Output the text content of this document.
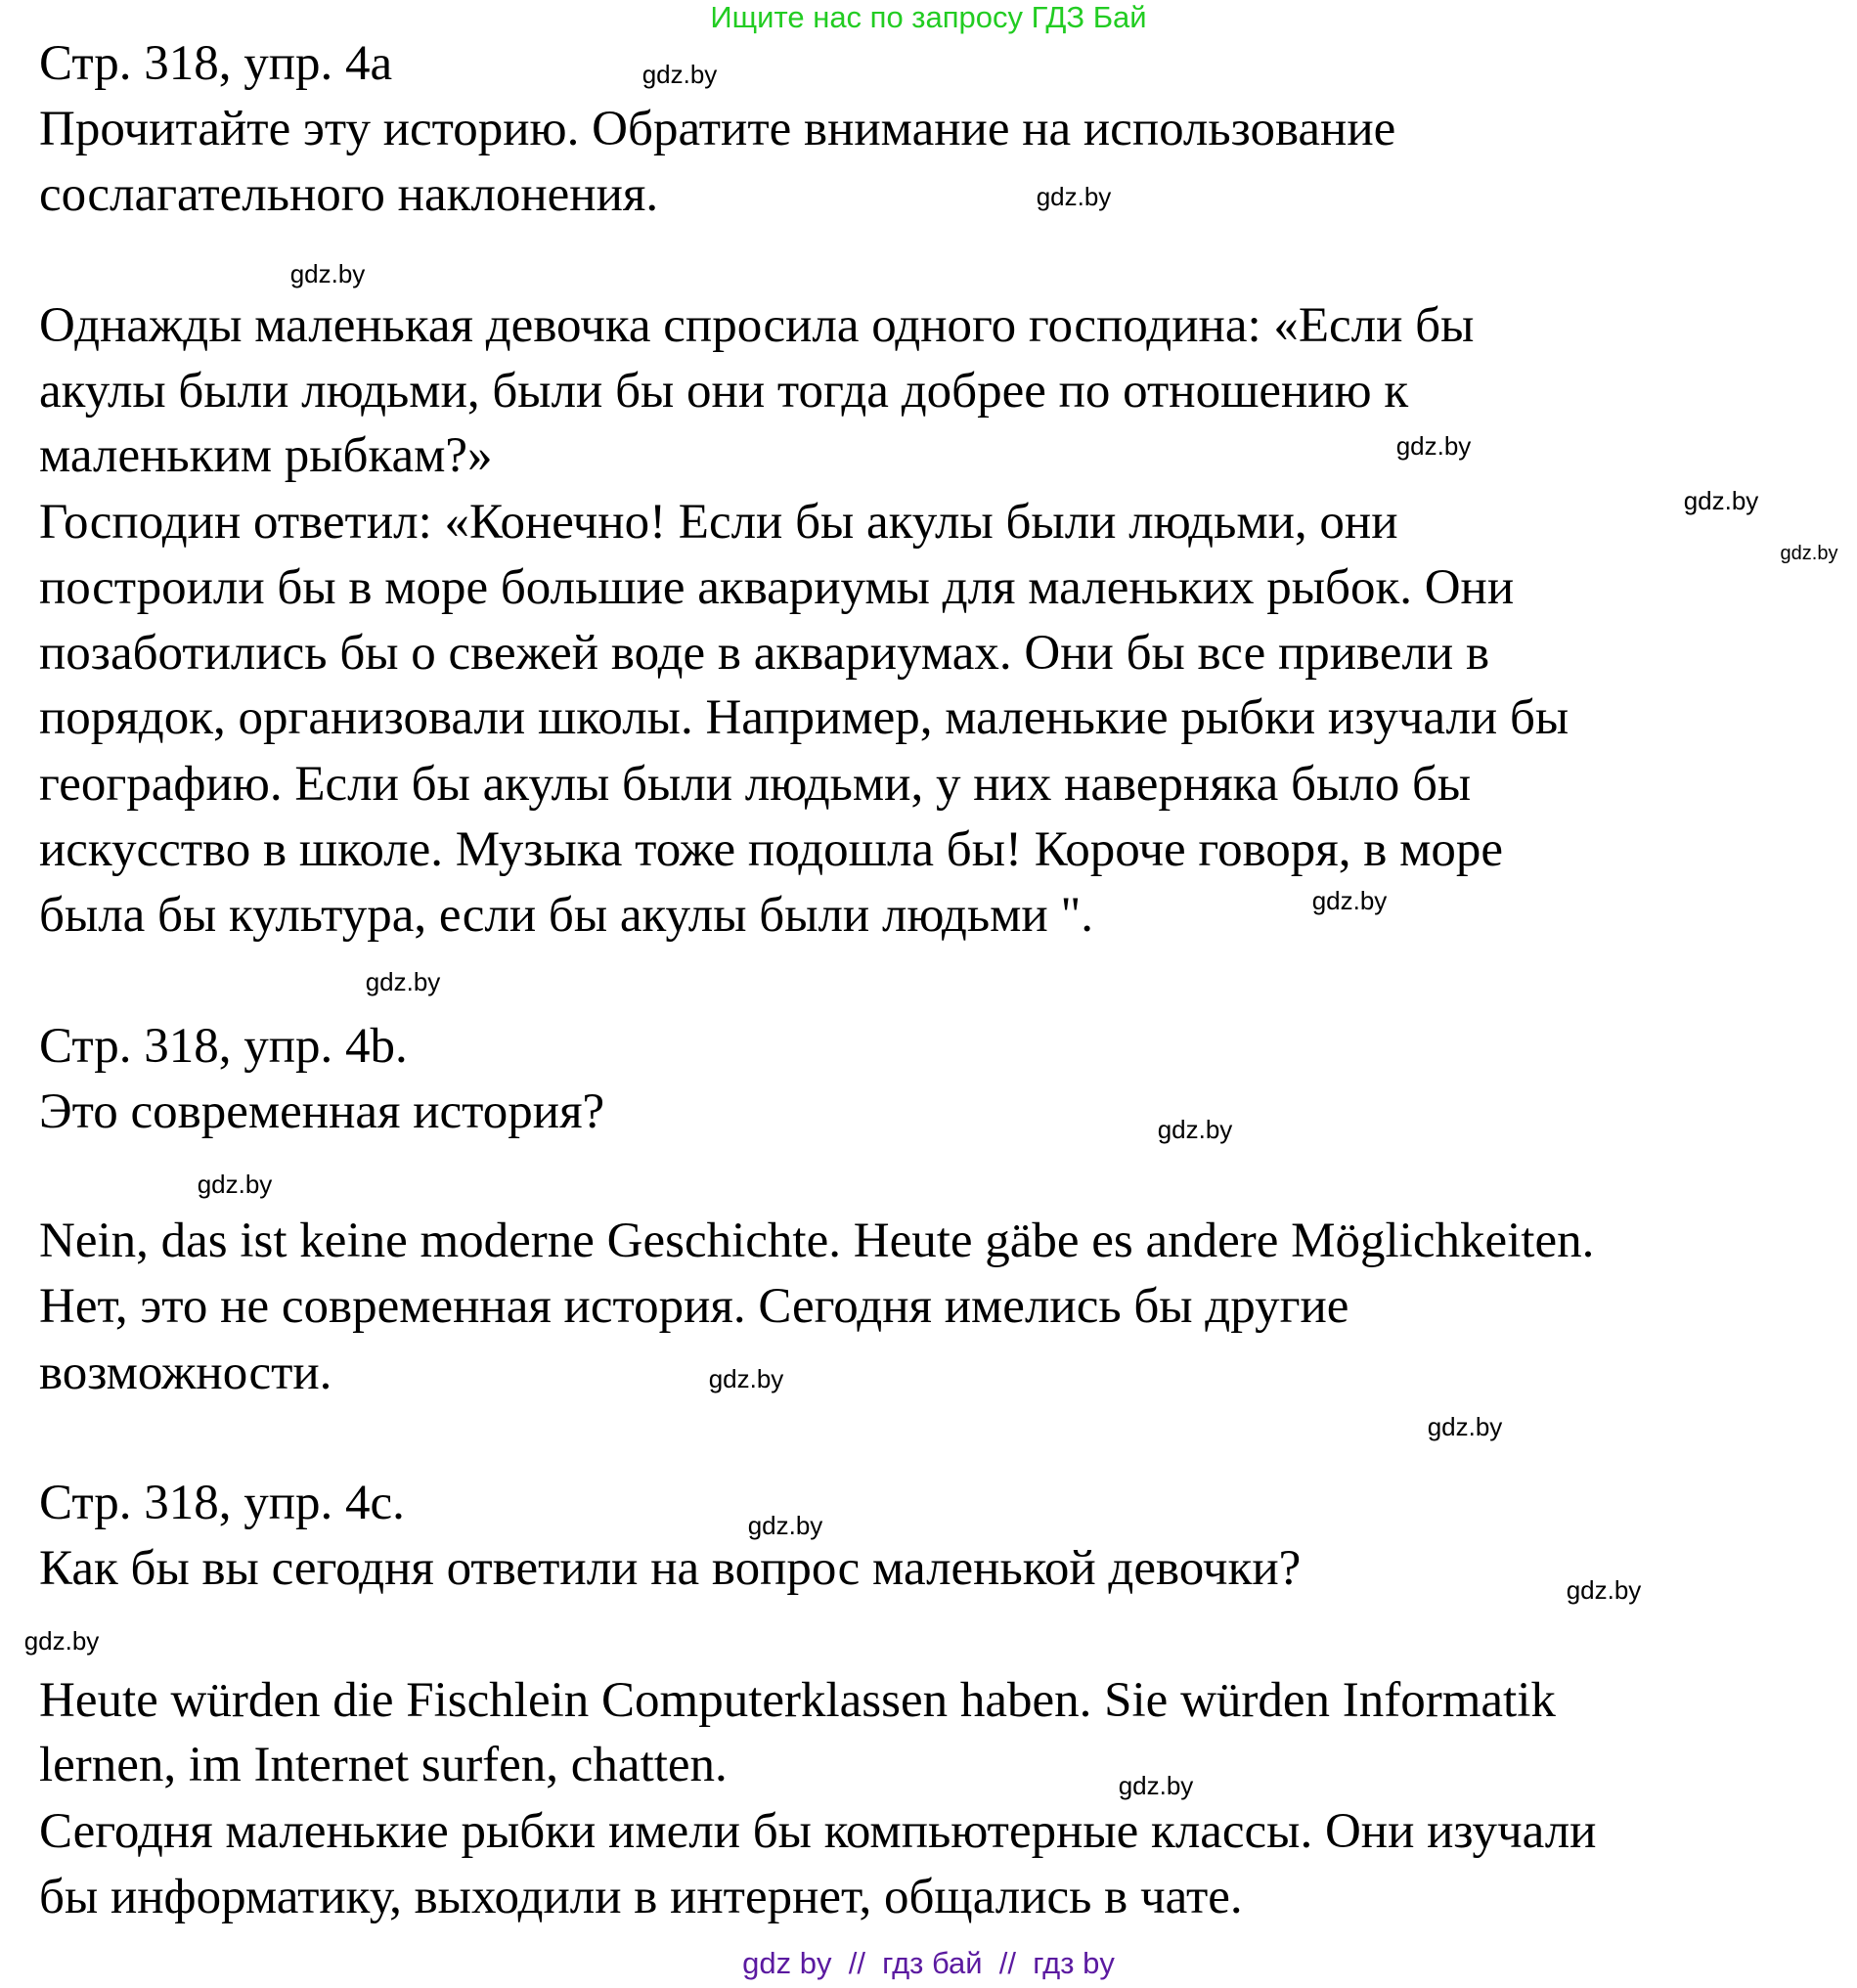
Ищите нас по запросу ГДЗ Бай
Стр. 318, упр. 4a
Прочитайте эту историю. Обратите внимание на использование
сослагательного наклонения.
Однажды маленькая девочка спросила одного господина: «Если бы
акулы были людьми, были бы они тогда добрее по отношению к
маленьким рыбкам?»
Господин ответил: «Конечно! Если бы акулы были людьми, они
построили бы в море большие аквариумы для маленьких рыбок. Они
позаботились бы о свежей воде в аквариумах. Они бы все привели в
порядок, организовали школы. Например, маленькие рыбки изучали бы
географию. Если бы акулы были людьми, у них наверняка было бы
искусство в школе. Музыка тоже подошла бы! Короче говоря, в море
была бы культура, если бы акулы были людьми ".
Стр. 318, упр. 4b.
Это современная история?
Nein, das ist keine moderne Geschichte. Heute gäbe es andere Möglichkeiten.
Нет, это не современная история. Сегодня имелись бы другие
возможности.
Стр. 318, упр. 4c.
Как бы вы сегодня ответили на вопрос маленькой девочки?
Heute würden die Fischlein Computerklassen haben. Sie würden Informatik
lernen, im Internet surfen, chatten.
Сегодня маленькие рыбки имели бы компьютерные классы. Они изучали
бы информатику, выходили в интернет, общались в чате.
gdz.by
gdz.by
gdz.by
gdz.by
gdz.by
gdz.by
gdz.by
gdz.by
gdz.by
gdz.by
gdz.by
gdz.by
gdz.by
gdz.by
gdz.by
gdz.by
gdz by  //  гдз бай  //  гдз by
